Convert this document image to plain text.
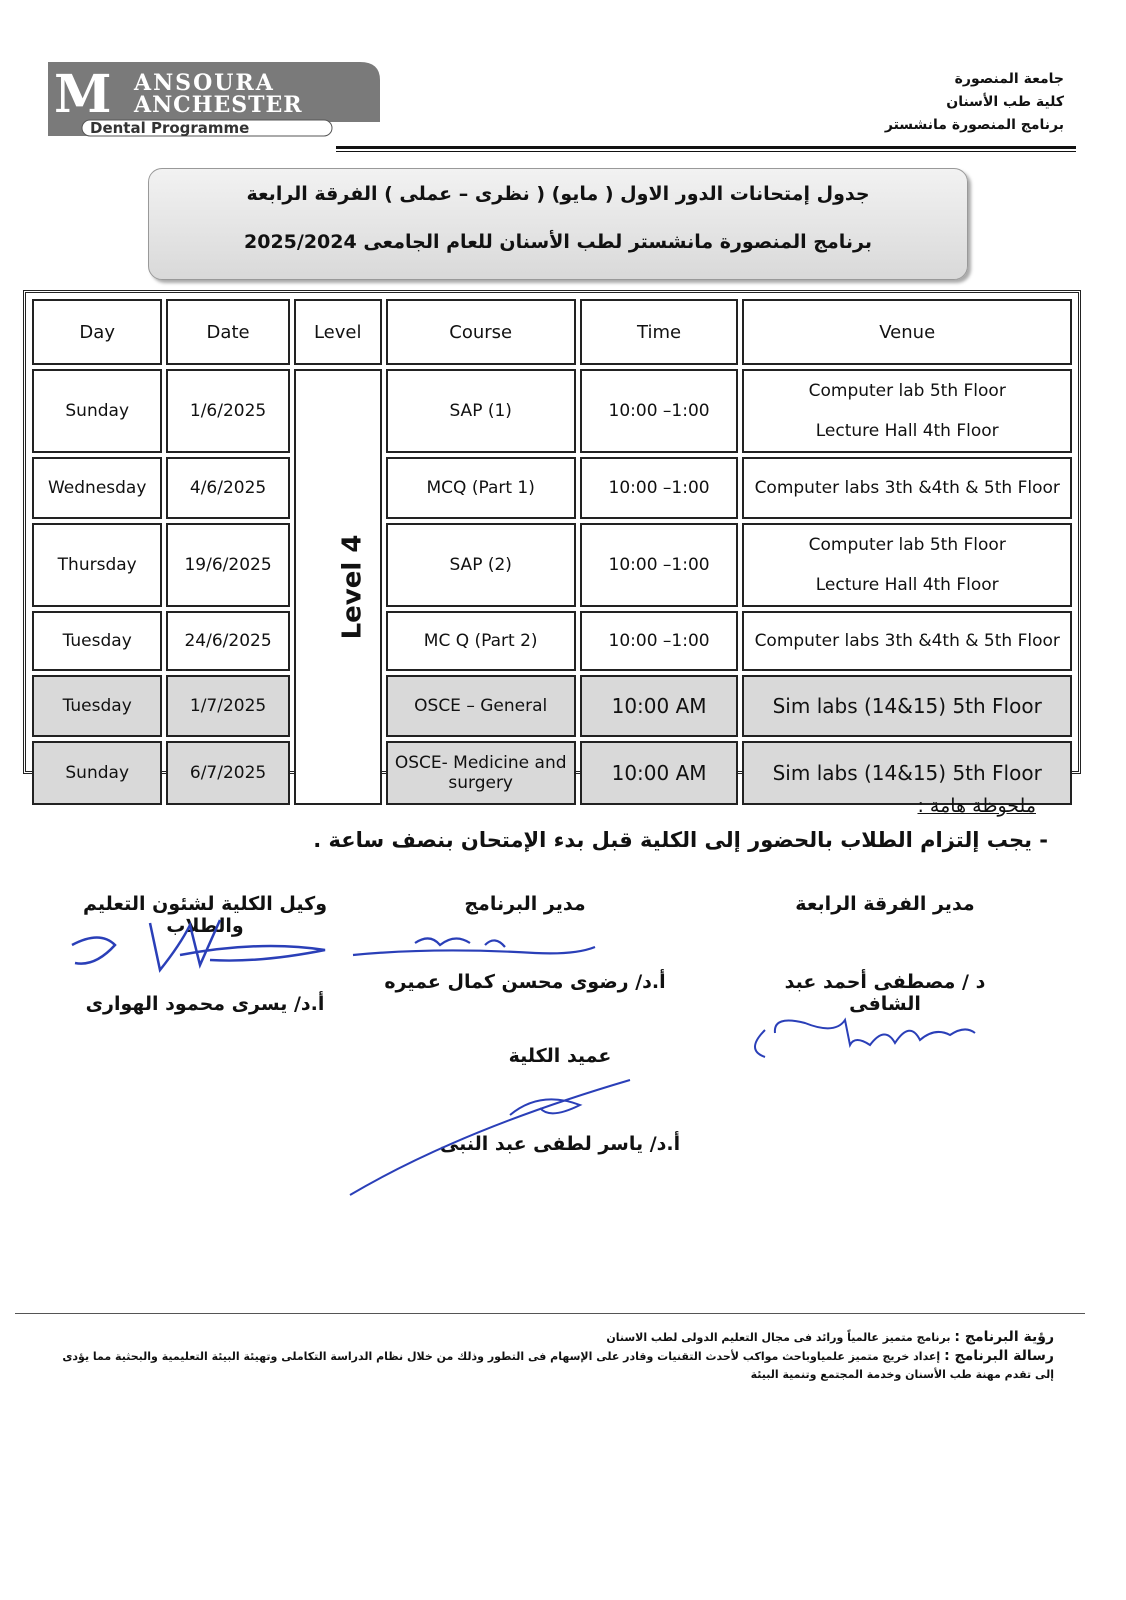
M ANSOURA
ANCHESTER
Dental Programme
جامعة المنصورة
كلية طب الأسنان
برنامج المنصورة مانشستر
جدول إمتحانات الدور الاول ( مايو) ( نظرى – عملى ) الفرقة الرابعة
برنامج المنصورة مانشستر لطب الأسنان للعام الجامعى 2025/2024
Day	Date	Level	Course	Time	Venue
Sunday	1/6/2025	Level 4	SAP (1)	10:00 –1:00	Computer lab 5th Floor
Lecture Hall 4th Floor

Wednesday	4/6/2025		MCQ (Part 1)	10:00 –1:00	Computer labs 3th &4th & 5th Floor
Thursday	19/6/2025		SAP (2)	10:00 –1:00	Computer lab 5th Floor
Lecture Hall 4th Floor

Tuesday	24/6/2025		MC Q (Part 2)	10:00 –1:00	Computer labs 3th &4th & 5th Floor
Tuesday	1/7/2025		OSCE – General	10:00 AM	Sim labs (14&15) 5th Floor
Sunday	6/7/2025		OSCE- Medicine and surgery	10:00 AM	Sim labs (14&15) 5th Floor
ملحوظة هامة :
- يجب إلتزام الطلاب بالحضور إلى الكلية قبل بدء الإمتحان بنصف ساعة .
مدير الفرقة الرابعة
د / مصطفى أحمد عبد الشافى
مدير البرنامج
أ.د/ رضوى محسن كمال عميره
وكيل الكلية لشئون التعليم والطلاب
أ.د/ يسرى محمود الهوارى
عميد الكلية
أ.د/ ياسر لطفى عبد النبى
رؤية البرنامج : برنامج متميز عالمياً ورائد فى مجال التعليم الدولى لطب الاسنان
رسالة البرنامج : إعداد خريج متميز علمياوباحث مواكب لأحدث التقنيات وقادر على الإسهام فى التطور وذلك من خلال نظام الدراسة التكاملى وتهيئة البيئة التعليمية والبحثية مما يؤدى
إلى تقدم مهنة طب الأسنان وخدمة المجتمع وتنمية البيئة
